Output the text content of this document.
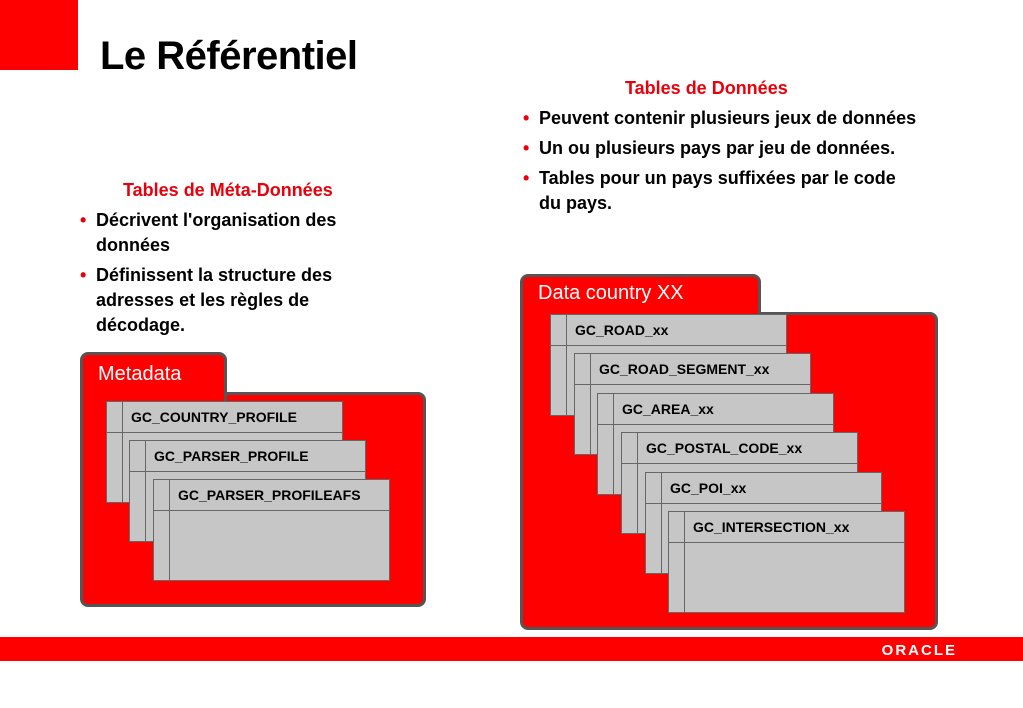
Le Référentiel
Tables de Méta-Données
• Décrivent l'organisation des données
• Définissent la structure des adresses et les règles de décodage.
Tables de Données
• Peuvent contenir plusieurs jeux de données
• Un ou plusieurs pays par jeu de données.
• Tables pour un pays suffixées par le code du pays.
Metadata
GC_COUNTRY_PROFILE
GC_PARSER_PROFILE
GC_PARSER_PROFILEAFS
Data country XX
GC_ROAD_xx
GC_ROAD_SEGMENT_xx
GC_AREA_xx
GC_POSTAL_CODE_xx
GC_POI_xx
GC_INTERSECTION_xx
ORACLE
